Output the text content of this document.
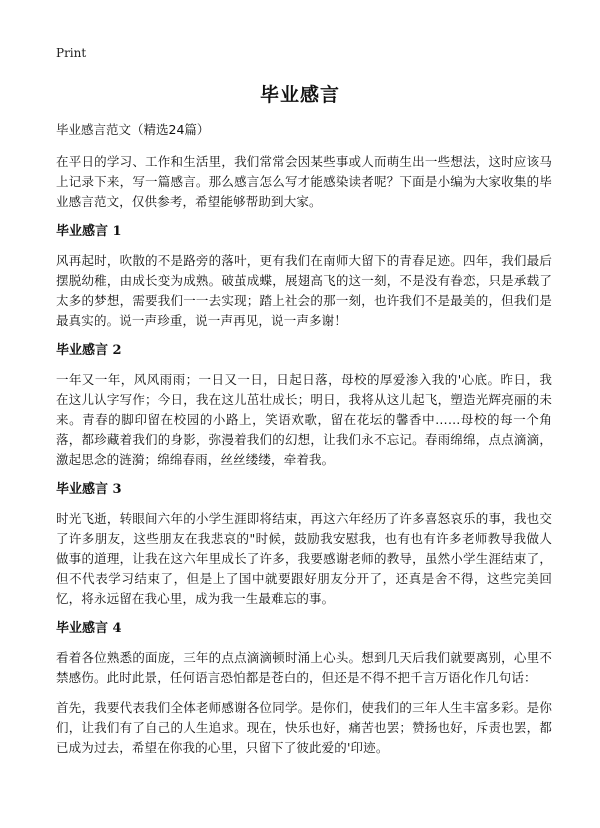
Print
毕业感言
毕业感言范文（精选24篇）

在平日的学习、工作和生活里，我们常常会因某些事或人而萌生出一些想法，这时应该马上记录下来，写一篇感言。那么感言怎么写才能感染读者呢？下面是小编为大家收集的毕业感言范文，仅供参考，希望能够帮助到大家。

毕业感言 1

风再起时，吹散的不是路旁的落叶，更有我们在南师大留下的青春足迹。四年，我们最后摆脱幼稚，由成长变为成熟。破茧成蝶，展翅高飞的这一刻，不是没有眷恋，只是承载了太多的梦想，需要我们一一去实现；踏上社会的那一刻，也许我们不是最美的，但我们是最真实的。说一声珍重，说一声再见，说一声多谢！

毕业感言 2

一年又一年，风风雨雨；一日又一日，日起日落，母校的厚爱渗入我的'心底。昨日，我在这儿认字写作；今日，我在这儿茁壮成长；明日，我将从这儿起飞，塑造光辉亮丽的未来。青春的脚印留在校园的小路上，笑语欢歌，留在花坛的馨香中……母校的每一个角落，都珍藏着我们的身影，弥漫着我们的幻想，让我们永不忘记。春雨绵绵，点点滴滴，激起思念的涟漪；绵绵春雨，丝丝缕缕，牵着我。

毕业感言 3

时光飞逝，转眼间六年的小学生涯即将结束，再这六年经历了许多喜怒哀乐的事，我也交了许多朋友，这些朋友在我悲哀的"时候，鼓励我安慰我，也有也有许多老师教导我做人做事的道理，让我在这六年里成长了许多，我要感谢老师的教导，虽然小学生涯结束了，但不代表学习结束了，但是上了国中就要跟好朋友分开了，还真是舍不得，这些完美回忆，将永远留在我心里，成为我一生最难忘的事。

毕业感言 4

看着各位熟悉的面庞，三年的点点滴滴顿时涌上心头。想到几天后我们就要离别，心里不禁感伤。此时此景，任何语言恐怕都是苍白的，但还是不得不把千言万语化作几句话：

首先，我要代表我们全体老师感谢各位同学。是你们，使我们的三年人生丰富多彩。是你们，让我们有了自己的人生追求。现在，快乐也好，痛苦也罢；赞扬也好，斥责也罢，都已成为过去，希望在你我的心里，只留下了彼此爱的'印迹。
